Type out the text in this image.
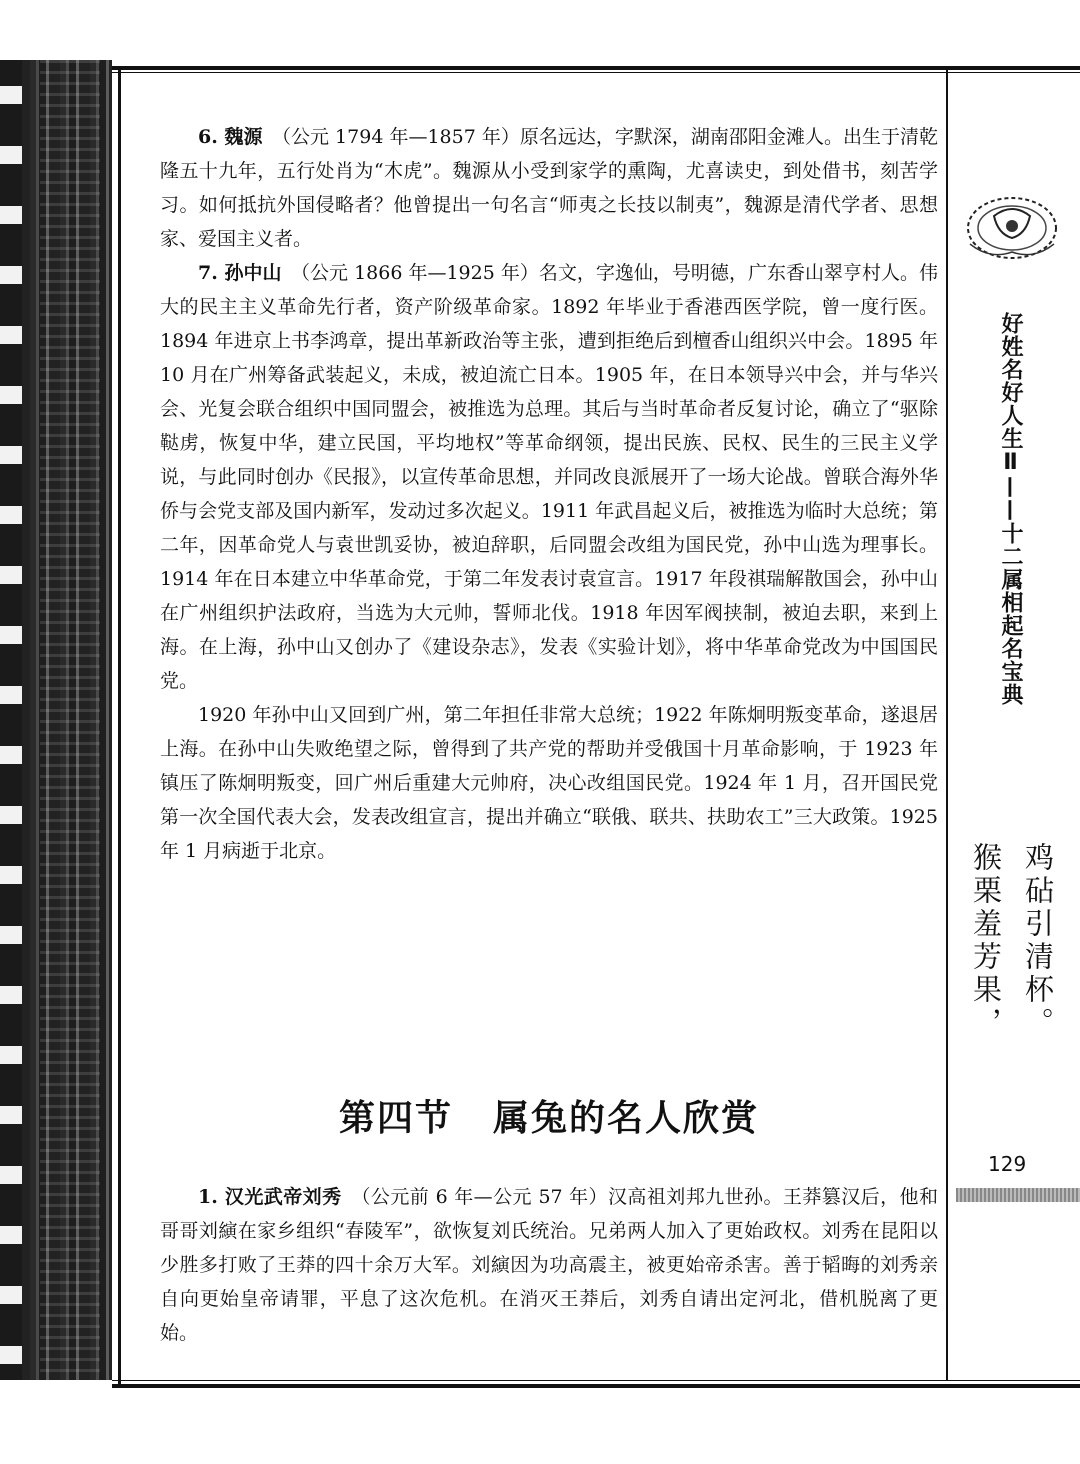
6. 魏源　 （公元 1794 年—1857 年）原名远达，字默深，湖南邵阳金滩人。出生于清乾隆五十九年，五行处肖为“木虎”。魏源从小受到家学的熏陶，尤喜读史，到处借书，刻苦学习。如何抵抗外国侵略者？他曾提出一句名言“师夷之长技以制夷”，魏源是清代学者、思想家、爱国主义者。

7. 孙中山　 （公元 1866 年—1925 年）名文，字逸仙，号明德，广东香山翠亨村人。伟大的民主主义革命先行者，资产阶级革命家。1892 年毕业于香港西医学院，曾一度行医。1894 年进京上书李鸿章，提出革新政治等主张，遭到拒绝后到檀香山组织兴中会。1895 年 10 月在广州筹备武装起义，未成，被迫流亡日本。1905 年，在日本领导兴中会，并与华兴会、光复会联合组织中国同盟会，被推选为总理。其后与当时革命者反复讨论，确立了“驱除鞑虏，恢复中华，建立民国，平均地权”等革命纲领，提出民族、民权、民生的三民主义学说，与此同时创办《民报》，以宣传革命思想，并同改良派展开了一场大论战。曾联合海外华侨与会党支部及国内新军，发动过多次起义。1911 年武昌起义后，被推选为临时大总统；第二年，因革命党人与袁世凯妥协，被迫辞职，后同盟会改组为国民党，孙中山选为理事长。1914 年在日本建立中华革命党，于第二年发表讨袁宣言。1917 年段祺瑞解散国会，孙中山在广州组织护法政府，当选为大元帅，誓师北伐。1918 年因军阀挟制，被迫去职，来到上海。在上海，孙中山又创办了《建设杂志》，发表《实验计划》，将中华革命党改为中国国民党。

1920 年孙中山又回到广州，第二年担任非常大总统；1922 年陈炯明叛变革命，遂退居上海。在孙中山失败绝望之际，曾得到了共产党的帮助并受俄国十月革命影响，于 1923 年镇压了陈炯明叛变，回广州后重建大元帅府，决心改组国民党。1924 年 1 月，召开国民党第一次全国代表大会，发表改组宣言，提出并确立“联俄、联共、扶助农工”三大政策。1925 年 1 月病逝于北京。

第四节 属兔的名人欣赏

1. 汉光武帝刘秀　 （公元前 6 年—公元 57 年）汉高祖刘邦九世孙。王莽篡汉后，他和哥哥刘縯在家乡组织“春陵军”，欲恢复刘氏统治。兄弟两人加入了更始政权。刘秀在昆阳以少胜多打败了王莽的四十余万大军。刘縯因为功高震主，被更始帝杀害。善于韬晦的刘秀亲自向更始皇帝请罪，平息了这次危机。在消灭王莽后，刘秀自请出定河北，借机脱离了更始。

好姓名好人生Ⅱ——十二属相起名宝典
鸡砧引清杯。
猴栗羞芳果，
129
